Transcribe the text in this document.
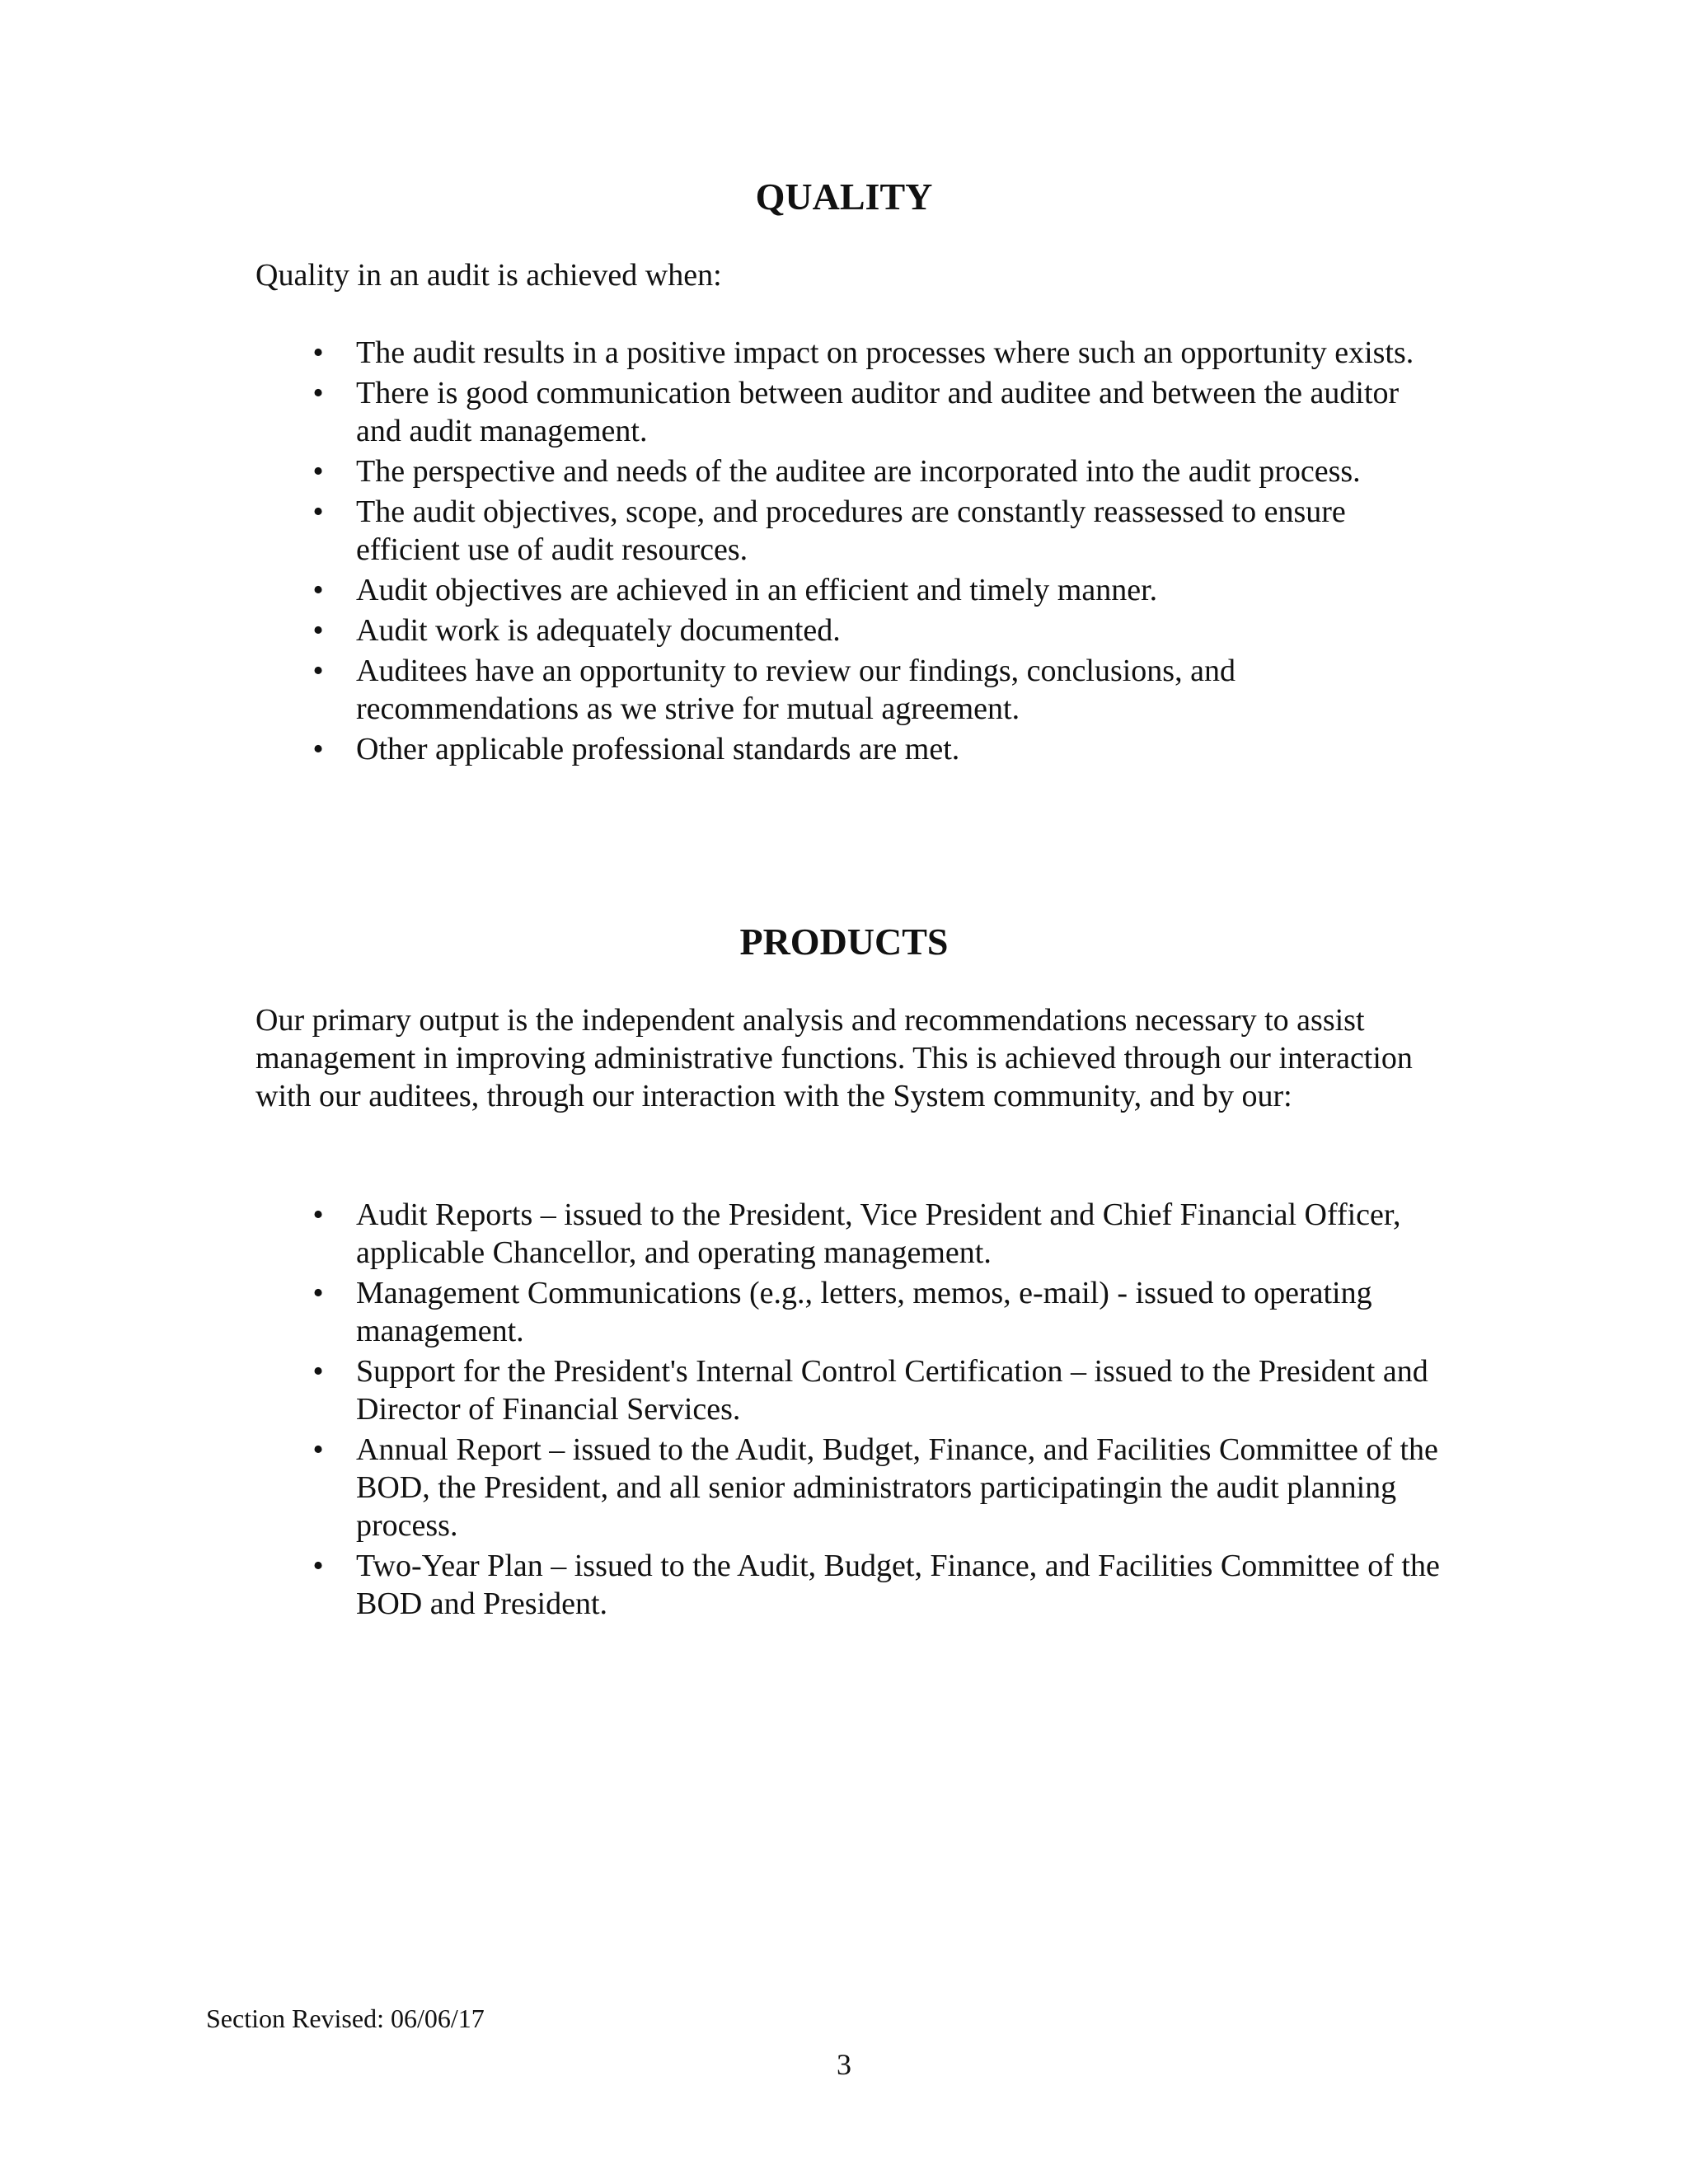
QUALITY

Quality in an audit is achieved when:

• The audit results in a positive impact on processes where such an opportunity exists.
• There is good communication between auditor and auditee and between the auditor and audit management.
• The perspective and needs of the auditee are incorporated into the audit process.
• The audit objectives, scope, and procedures are constantly reassessed to ensure efficient use of audit resources.
• Audit objectives are achieved in an efficient and timely manner.
• Audit work is adequately documented.
• Auditees have an opportunity to review our findings, conclusions, and recommendations as we strive for mutual agreement.
• Other applicable professional standards are met.
PRODUCTS

Our primary output is the independent analysis and recommendations necessary to assist management in improving administrative functions. This is achieved through our interaction with our auditees, through our interaction with the System community, and by our:

• Audit Reports – issued to the President, Vice President and Chief Financial Officer, applicable Chancellor, and operating management.
• Management Communications (e.g., letters, memos, e-mail) - issued to operating management.
• Support for the President's Internal Control Certification – issued to the President and Director of Financial Services.
• Annual Report – issued to the Audit, Budget, Finance, and Facilities Committee of the BOD, the President, and all senior administrators participatingin the audit planning process.
• Two-Year Plan – issued to the Audit, Budget, Finance, and Facilities Committee of the BOD and President.

Section Revised: 06/06/17

3
